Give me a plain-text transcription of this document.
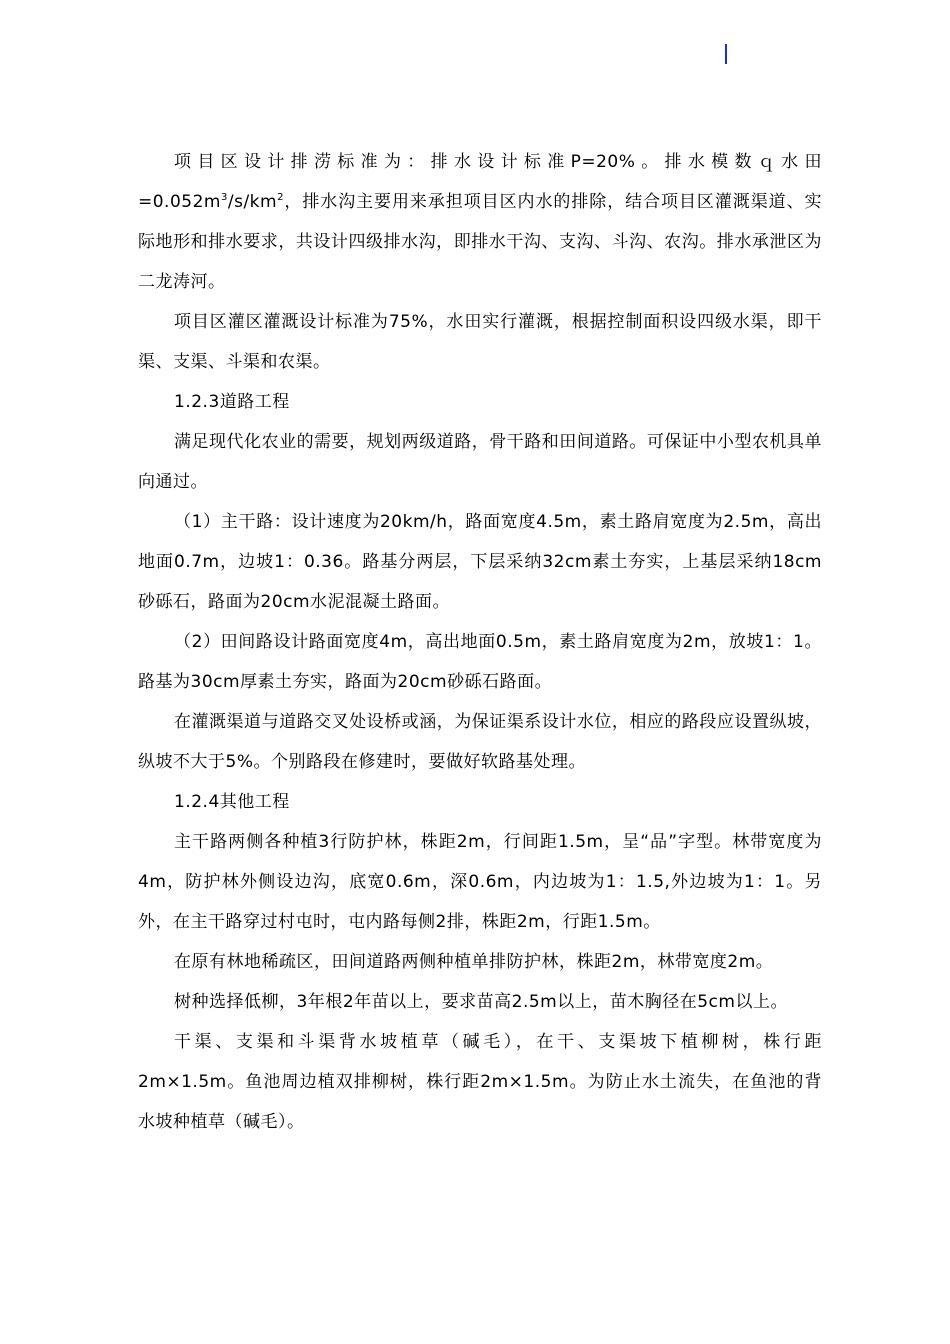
项目区设计排涝标准为：排水设计标准P=20%。排水模数ｑ水田$=0.052m^3/s/km^2$，排水沟主要用来承担项目区内水的排除，结合项目区灌溉渠道、实际地形和排水要求，共设计四级排水沟，即排水干沟、支沟、斗沟、农沟。排水承泄区为二龙涛河。

项目区灌区灌溉设计标准为75%，水田实行灌溉，根据控制面积设四级水渠，即干渠、支渠、斗渠和农渠。

1.2.3道路工程

满足现代化农业的需要，规划两级道路，骨干路和田间道路。可保证中小型农机具单向通过。

（1）主干路：设计速度为20km/h，路面宽度4.5m，素土路肩宽度为2.5m，高出地面0.7m，边坡1：0.36。路基分两层，下层采纳32cm素土夯实，上基层采纳18cm砂砾石，路面为20cm水泥混凝土路面。

（2）田间路设计路面宽度4m，高出地面0.5m，素土路肩宽度为2m，放坡1：1。路基为30cm厚素土夯实，路面为20cm砂砾石路面。

在灌溉渠道与道路交叉处设桥或涵，为保证渠系设计水位，相应的路段应设置纵坡，纵坡不大于5%。个别路段在修建时，要做好软路基处理。

1.2.4其他工程

主干路两侧各种植3行防护林，株距2m，行间距1.5m，呈“品”字型。林带宽度为4m，防护林外侧设边沟，底宽0.6m，深0.6m，内边坡为1：1.5,外边坡为1：1。另外，在主干路穿过村屯时，屯内路每侧2排，株距2m，行距1.5m。

在原有林地稀疏区，田间道路两侧种植单排防护林，株距2m，林带宽度2m。

树种选择低柳，3年根2年苗以上，要求苗高2.5m以上，苗木胸径在5cm以上。

干渠、支渠和斗渠背水坡植草（碱毛），在干、支渠坡下植柳树，株行距2m×1.5m。鱼池周边植双排柳树，株行距2m×1.5m。为防止水土流失，在鱼池的背水坡种植草（碱毛）。
